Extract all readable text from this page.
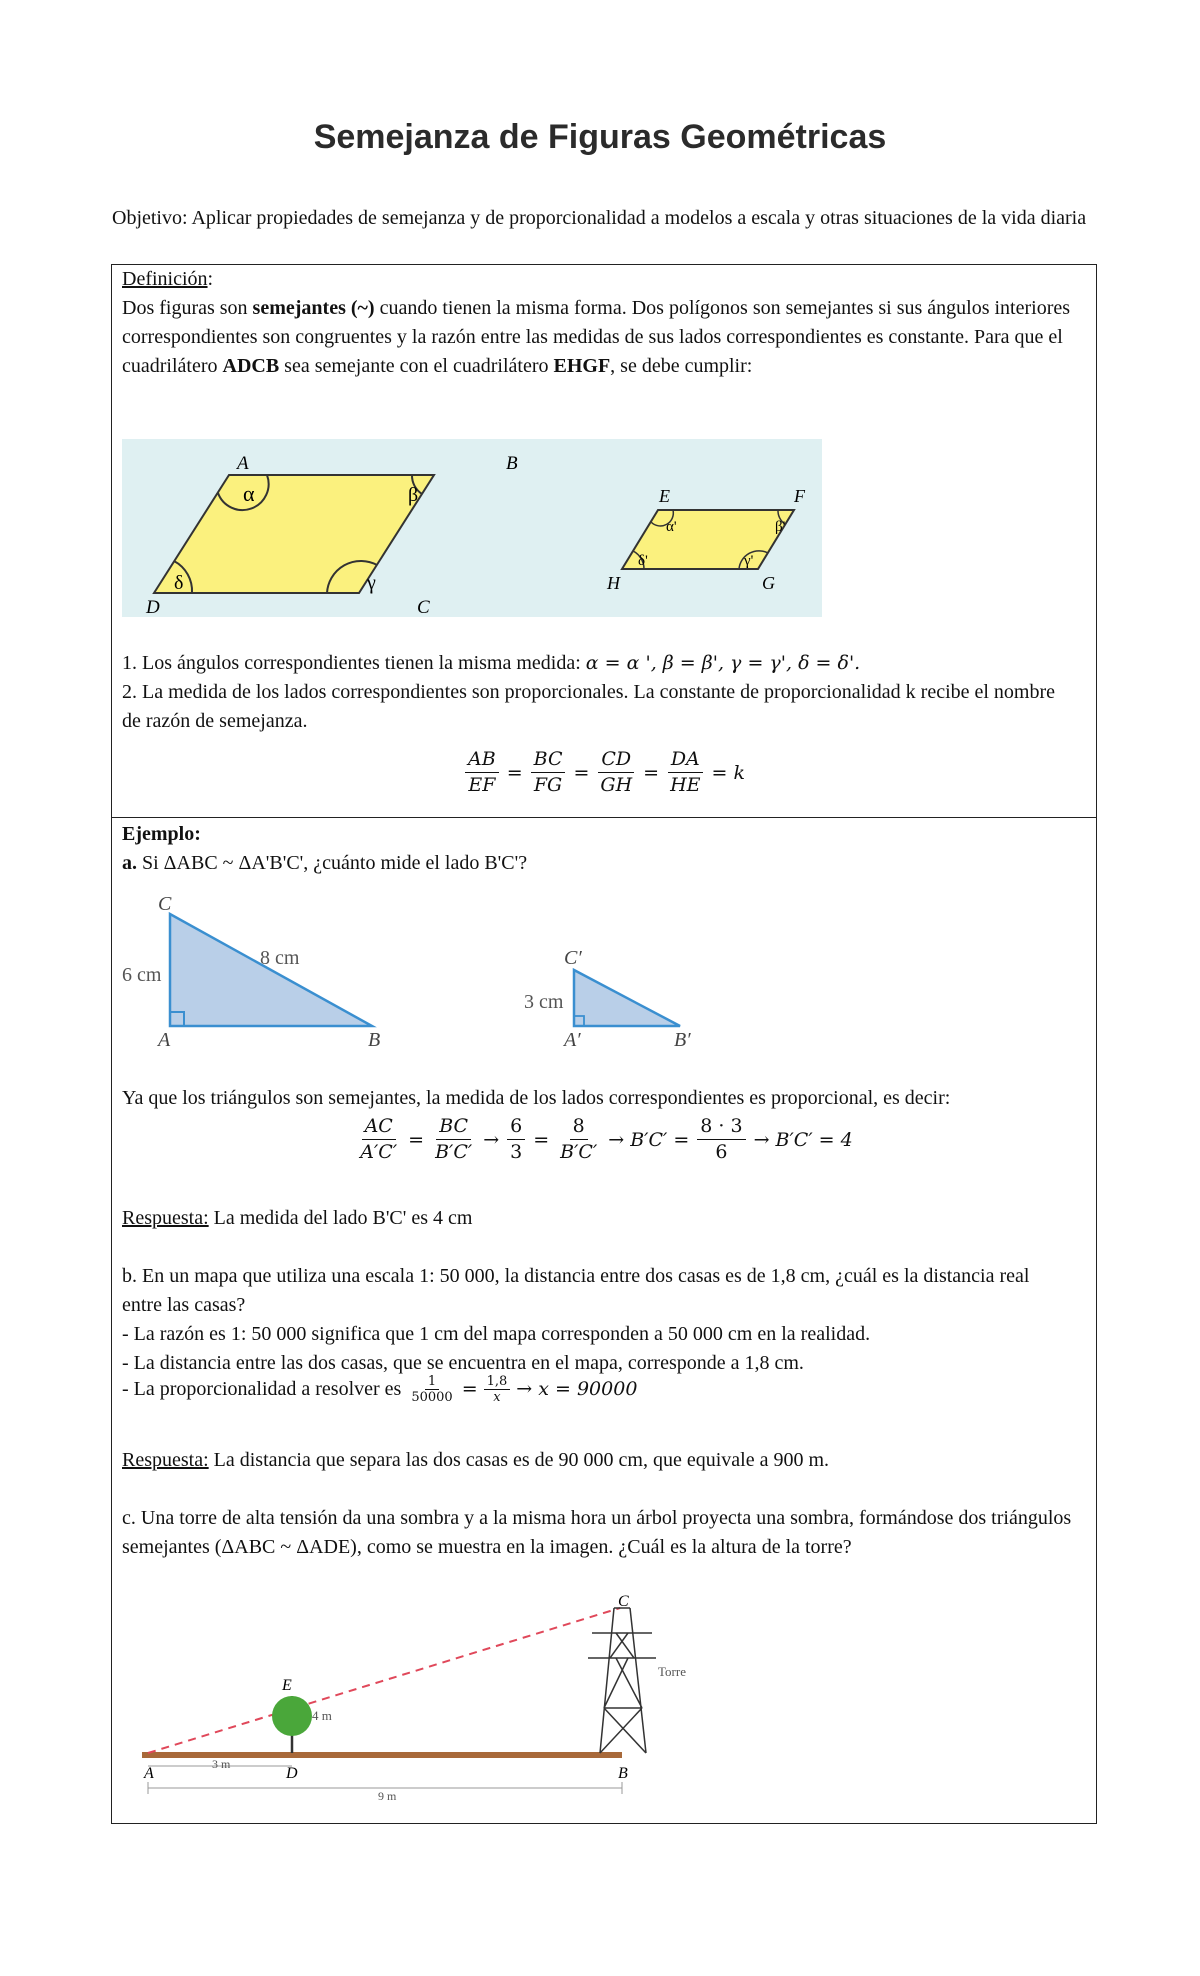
Semejanza de Figuras Geométricas
Objetivo: Aplicar propiedades de semejanza y de proporcionalidad a modelos a escala y otras situaciones de la vida diaria
Definición:
Dos figuras son semejantes (~) cuando tienen la misma forma. Dos polígonos son semejantes si sus ángulos interiores correspondientes son congruentes y la razón entre las medidas de sus lados correspondientes es constante. Para que el cuadrilátero ADCB sea semejante con el cuadrilátero EHGF, se debe cumplir:
α	β
γ
δ
A	B
C
D
α'	β'
γ'
δ'
E	F
G
H
1. Los ángulos correspondientes tienen la misma medida: α = α ', β = β', γ = γ', δ = δ'.
2. La medida de los lados correspondientes son proporcionales. La constante de proporcionalidad k recibe el nombre de razón de semejanza.
$\frac{AB}{EF} = \frac{BC}{FG} = \frac{CD}{GH} = \frac{DA}{HE} = k$
Ejemplo:
a. Si ΔABC ~ ΔA'B'C', ¿cuánto mide el lado B'C'?
C
A	B
6 cm
8 cm	C′
A′	B′
3 cm
Ya que los triángulos son semejantes, la medida de los lados correspondientes es proporcional, es decir:
$\frac{AC}{A'C'} = \frac{BC}{B'C'} \to \frac{6}{3} = \frac{8}{B'C'} \to B'C' = \frac{8 \cdot 3}{6} \to B'C' = 4$
Respuesta: La medida del lado B'C' es 4 cm
b. En un mapa que utiliza una escala 1: 50 000, la distancia entre dos casas es de 1,8 cm, ¿cuál es la distancia real entre las casas?
- La razón es 1: 50 000 significa que 1 cm del mapa corresponden a 50 000 cm en la realidad.
- La distancia entre las dos casas, que se encuentra en el mapa, corresponde a 1,8 cm.
- La proporcionalidad a resolver es $\frac{1}{50000} = \frac{1,8}{x} \to x = 90000$
Respuesta: La distancia que separa las dos casas es de 90 000 cm, que equivale a 900 m.
c. Una torre de alta tensión da una sombra y a la misma hora un árbol proyecta una sombra, formándose dos triángulos semejantes (ΔABC ~ ΔADE), como se muestra en la imagen. ¿Cuál es la altura de la torre?
E
4 m
C
Torre
A	D	B
3 m
9 m
